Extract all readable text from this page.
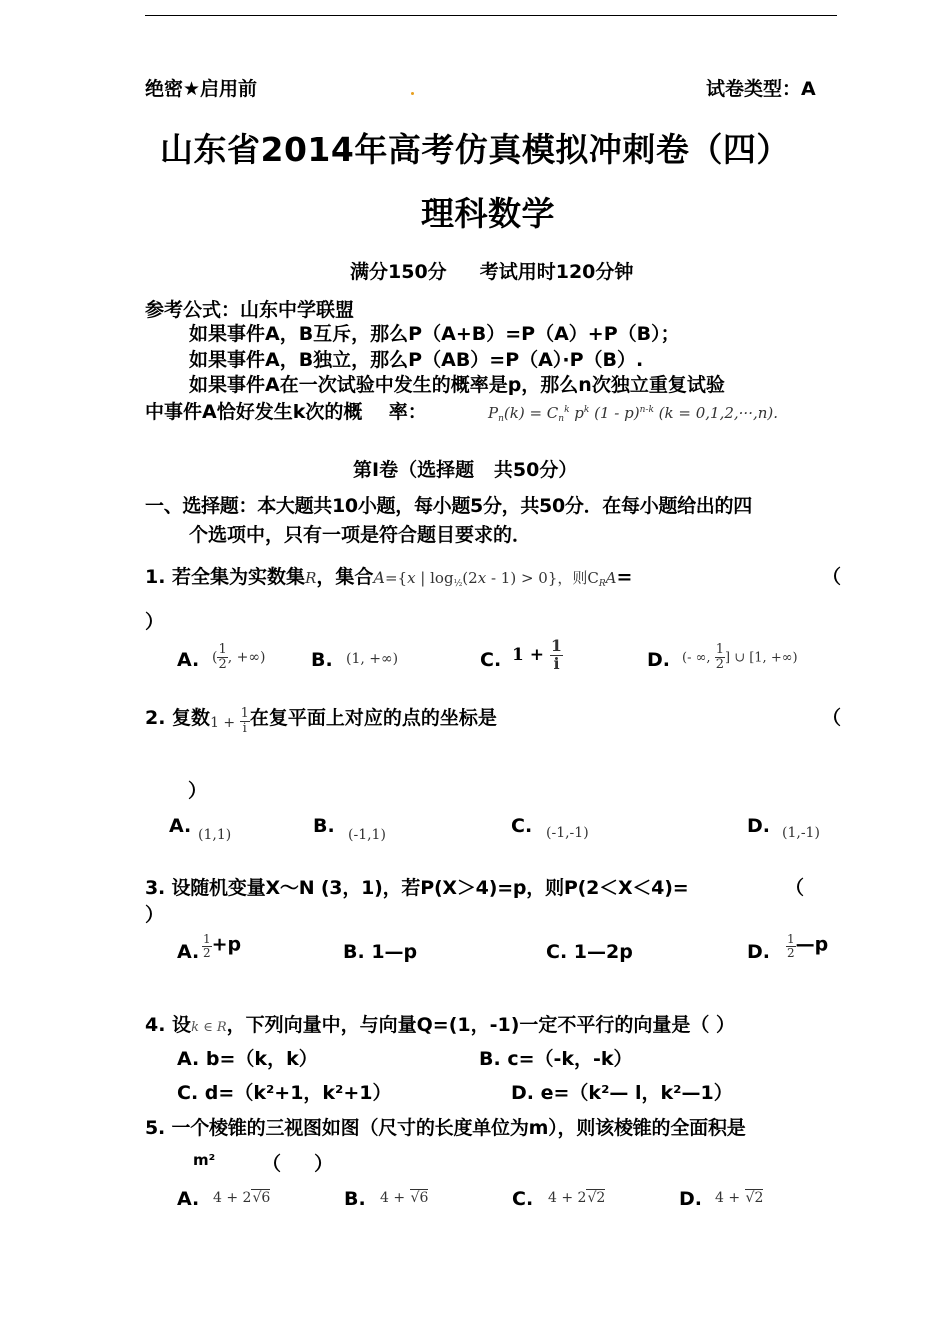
绝密★启用前	试卷类型：A
山东省2014年高考仿真模拟冲刺卷（四）
理科数学
满分150分     考试用时120分钟
参考公式：山东中学联盟
如果事件A，B互斥，那么P（A+B）=P（A）+P（B）；
如果事件A，B独立，那么P（AB）=P（A）·P（B）.
如果事件A在一次试验中发生的概率是p，那么n次独立重复试验
中事件A恰好发生k次的概    率：	$P_n(k) = C_n^k$ $p^k$ (1 - p)$^{n-k}$ (k = 0,1,2,···,n).
第Ⅰ卷（选择题   共50分）
一、选择题：本大题共10小题，每小题5分，共50分．在每小题给出的四
个选项中，只有一项是符合题目要求的．
1. 若全集为实数集R，集合A={x | $\log_{\frac{1}{2}}(2x - 1) > 0$}，则$C_RA=$	（
）
A. ( $\frac{1}{2}$ , +∞) B. (1, +∞)	C. $1 + \frac{1}{i}$	D. (- ∞, $\frac{1}{2}$ ] ∪ [1, +∞)
2. 复数$1 + \frac{1}{i}$ 在复平面上对应的点的坐标是	（
）
A. (1,1)	B. (-1,1)	C. (-1,-1)	D. (1,-1)
3. 设随机变量X～N (3，1)，若P(X＞4)=p，则P(2＜X＜4)=	（
）
A. $\frac{1}{2} +p$	B. 1—p	C. 1—2p	D. $\frac{1}{2}$ —p
4. 设k ∈ R，下列向量中，与向量Q=(1，-1)一定不平行的向量是（ ）
A. b=（k，k）	B. c=（-k，-k）
C. d=（k²+1，k²+1）	D. e=（k²— l，k²—1）
5. 一个棱锥的三视图如图（尺寸的长度单位为m），则该棱锥的全面积是
m² （     ）
A. 4 + 2√6	B. 4 + √6	C. 4 + 2√2	D. 4 + √2
